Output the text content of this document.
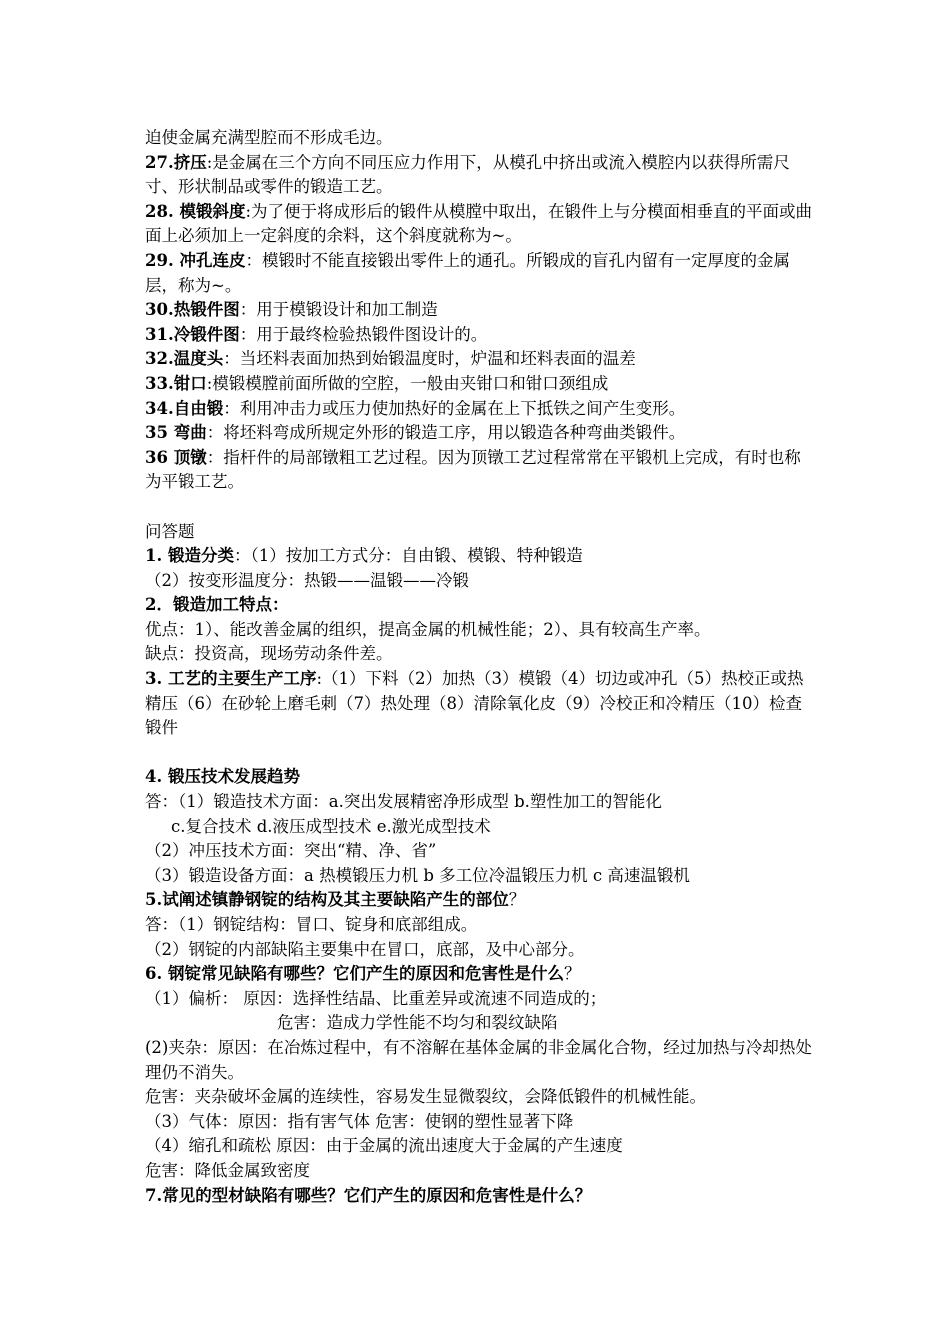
迫使金属充满型腔而不形成毛边。
27.挤压:是金属在三个方向不同压应力作用下，从模孔中挤出或流入模腔内以获得所需尺寸、形状制品或零件的锻造工艺。
28. 模锻斜度:为了便于将成形后的锻件从模膛中取出，在锻件上与分模面相垂直的平面或曲面上必须加上一定斜度的余料，这个斜度就称为~。
29. 冲孔连皮：模锻时不能直接锻出零件上的通孔。所锻成的盲孔内留有一定厚度的金属层，称为~。
30.热锻件图：用于模锻设计和加工制造
31.冷锻件图：用于最终检验热锻件图设计的。
32.温度头：当坯料表面加热到始锻温度时，炉温和坯料表面的温差
33.钳口:模锻模膛前面所做的空腔，一般由夹钳口和钳口颈组成
34.自由锻：利用冲击力或压力使加热好的金属在上下抵铁之间产生变形。
35 弯曲：将坯料弯成所规定外形的锻造工序，用以锻造各种弯曲类锻件。
36 顶镦：指杆件的局部镦粗工艺过程。因为顶镦工艺过程常常在平锻机上完成，有时也称为平锻工艺。
问答题
1. 锻造分类：（1）按加工方式分：自由锻、模锻、特种锻造
（2）按变形温度分：热锻——温锻——冷锻
2．锻造加工特点：
优点：1）、能改善金属的组织，提高金属的机械性能；2）、具有较高生产率。
缺点：投资高，现场劳动条件差。
3. 工艺的主要生产工序:（1）下料（2）加热（3）模锻（4）切边或冲孔（5）热校正或热精压（6）在砂轮上磨毛刺（7）热处理（8）清除氧化皮（9）冷校正和冷精压（10）检查锻件
4. 锻压技术发展趋势
答：（1）锻造技术方面：a.突出发展精密净形成型 b.塑性加工的智能化
c.复合技术 d.液压成型技术 e.激光成型技术
（2）冲压技术方面：突出“精、净、省”
（3）锻造设备方面：a 热模锻压力机 b 多工位冷温锻压力机 c 高速温锻机
5.试阐述镇静钢锭的结构及其主要缺陷产生的部位？
答：（1）钢锭结构：冒口、锭身和底部组成。
（2）钢锭的内部缺陷主要集中在冒口，底部，及中心部分。
6. 钢锭常见缺陷有哪些？它们产生的原因和危害性是什么？
（1）偏析： 原因：选择性结晶、比重差异或流速不同造成的；
危害：造成力学性能不均匀和裂纹缺陷
(2)夹杂：原因：在冶炼过程中，有不溶解在基体金属的非金属化合物，经过加热与冷却热处理仍不消失。
危害：夹杂破坏金属的连续性，容易发生显微裂纹，会降低锻件的机械性能。
（3）气体：原因：指有害气体 危害：使钢的塑性显著下降
（4）缩孔和疏松 原因：由于金属的流出速度大于金属的产生速度
危害：降低金属致密度
7.常见的型材缺陷有哪些？它们产生的原因和危害性是什么？
